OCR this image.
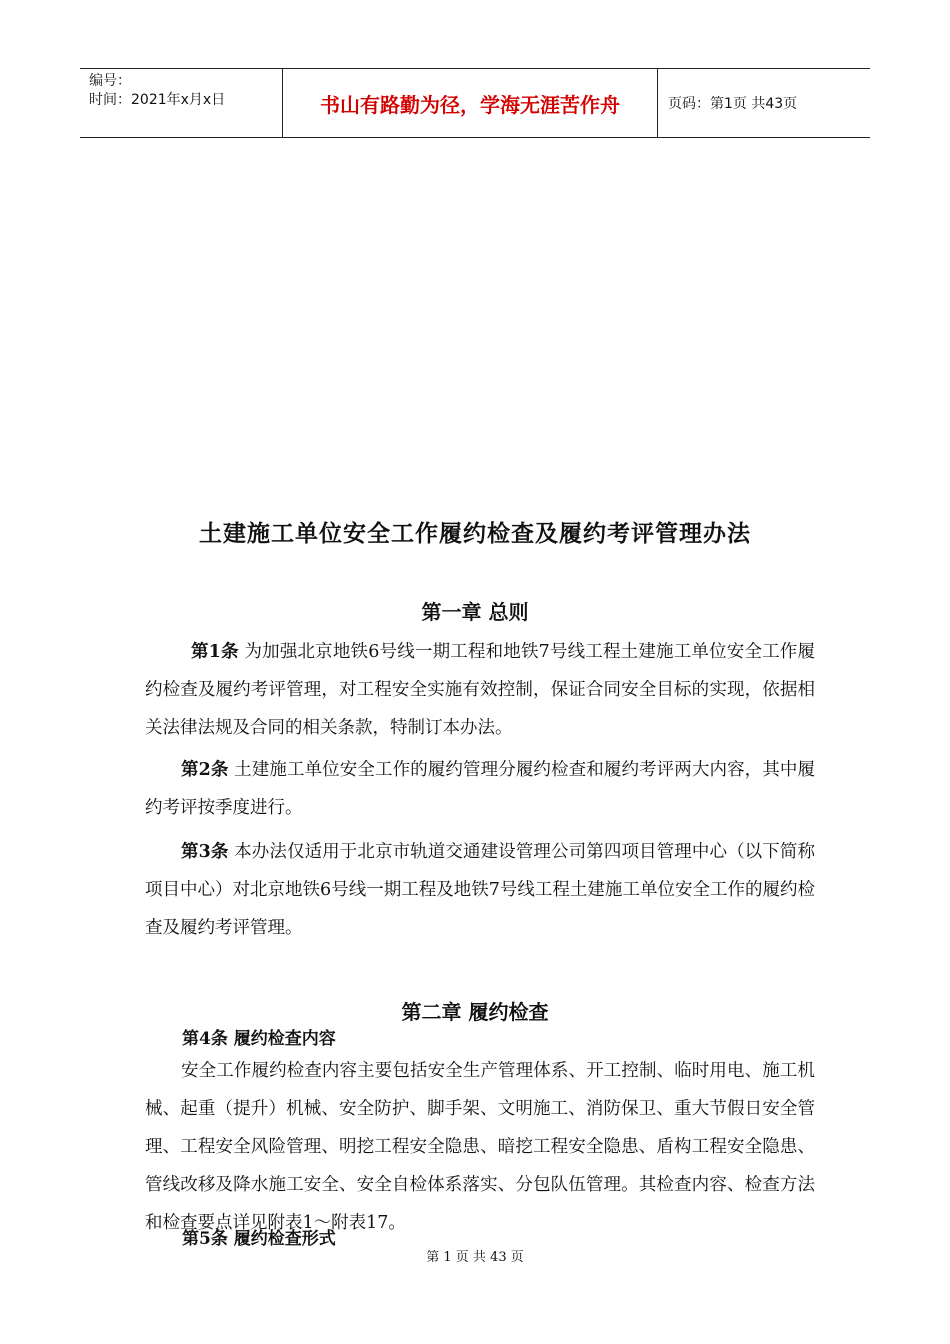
编号：
时间：2021年x月x日	书山有路勤为径，学海无涯苦作舟	页码：第1页 共43页
土建施工单位安全工作履约检查及履约考评管理办法
第一章 总则
第1条 为加强北京地铁6号线一期工程和地铁7号线工程土建施工单位安全工作履约检查及履约考评管理，对工程安全实施有效控制，保证合同安全目标的实现，依据相关法律法规及合同的相关条款，特制订本办法。
第2条 土建施工单位安全工作的履约管理分履约检查和履约考评两大内容，其中履约考评按季度进行。
第3条 本办法仅适用于北京市轨道交通建设管理公司第四项目管理中心（以下简称项目中心）对北京地铁6号线一期工程及地铁7号线工程土建施工单位安全工作的履约检查及履约考评管理。
第二章 履约检查
第4条 履约检查内容
安全工作履约检查内容主要包括安全生产管理体系、开工控制、临时用电、施工机械、起重（提升）机械、安全防护、脚手架、文明施工、消防保卫、重大节假日安全管理、工程安全风险管理、明挖工程安全隐患、暗挖工程安全隐患、盾构工程安全隐患、管线改移及降水施工安全、安全自检体系落实、分包队伍管理。其检查内容、检查方法和检查要点详见附表1～附表17。
第5条 履约检查形式
第 1 页 共 43 页
